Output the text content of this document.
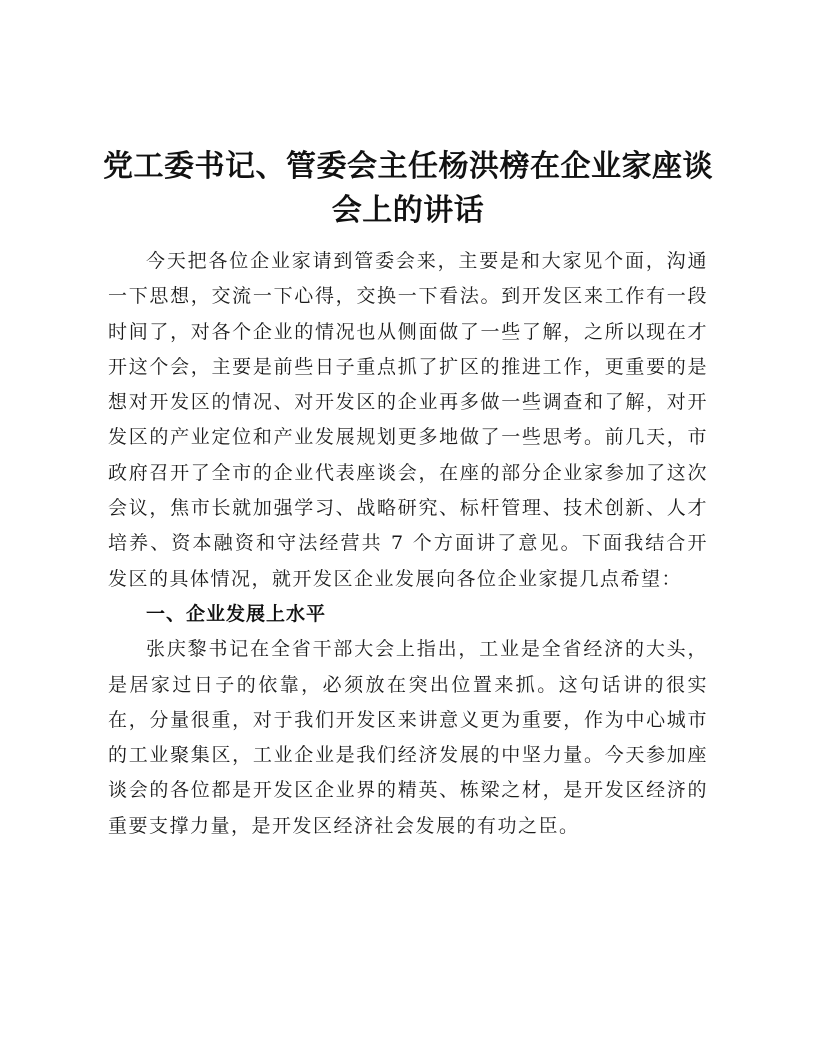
党工委书记、管委会主任杨洪榜在企业家座谈
会上的讲话

今天把各位企业家请到管委会来，主要是和大家见个面，沟通一下思想，交流一下心得，交换一下看法。到开发区来工作有一段时间了，对各个企业的情况也从侧面做了一些了解，之所以现在才开这个会，主要是前些日子重点抓了扩区的推进工作，更重要的是想对开发区的情况、对开发区的企业再多做一些调查和了解，对开发区的产业定位和产业发展规划更多地做了一些思考。前几天，市政府召开了全市的企业代表座谈会，在座的部分企业家参加了这次会议，焦市长就加强学习、战略研究、标杆管理、技术创新、人才培养、资本融资和守法经营共 7 个方面讲了意见。下面我结合开发区的具体情况，就开发区企业发展向各位企业家提几点希望：

一、企业发展上水平

张庆黎书记在全省干部大会上指出，工业是全省经济的大头，是居家过日子的依靠，必须放在突出位置来抓。这句话讲的很实在，分量很重，对于我们开发区来讲意义更为重要，作为中心城市的工业聚集区，工业企业是我们经济发展的中坚力量。今天参加座谈会的各位都是开发区企业界的精英、栋梁之材，是开发区经济的重要支撑力量，是开发区经济社会发展的有功之臣。
